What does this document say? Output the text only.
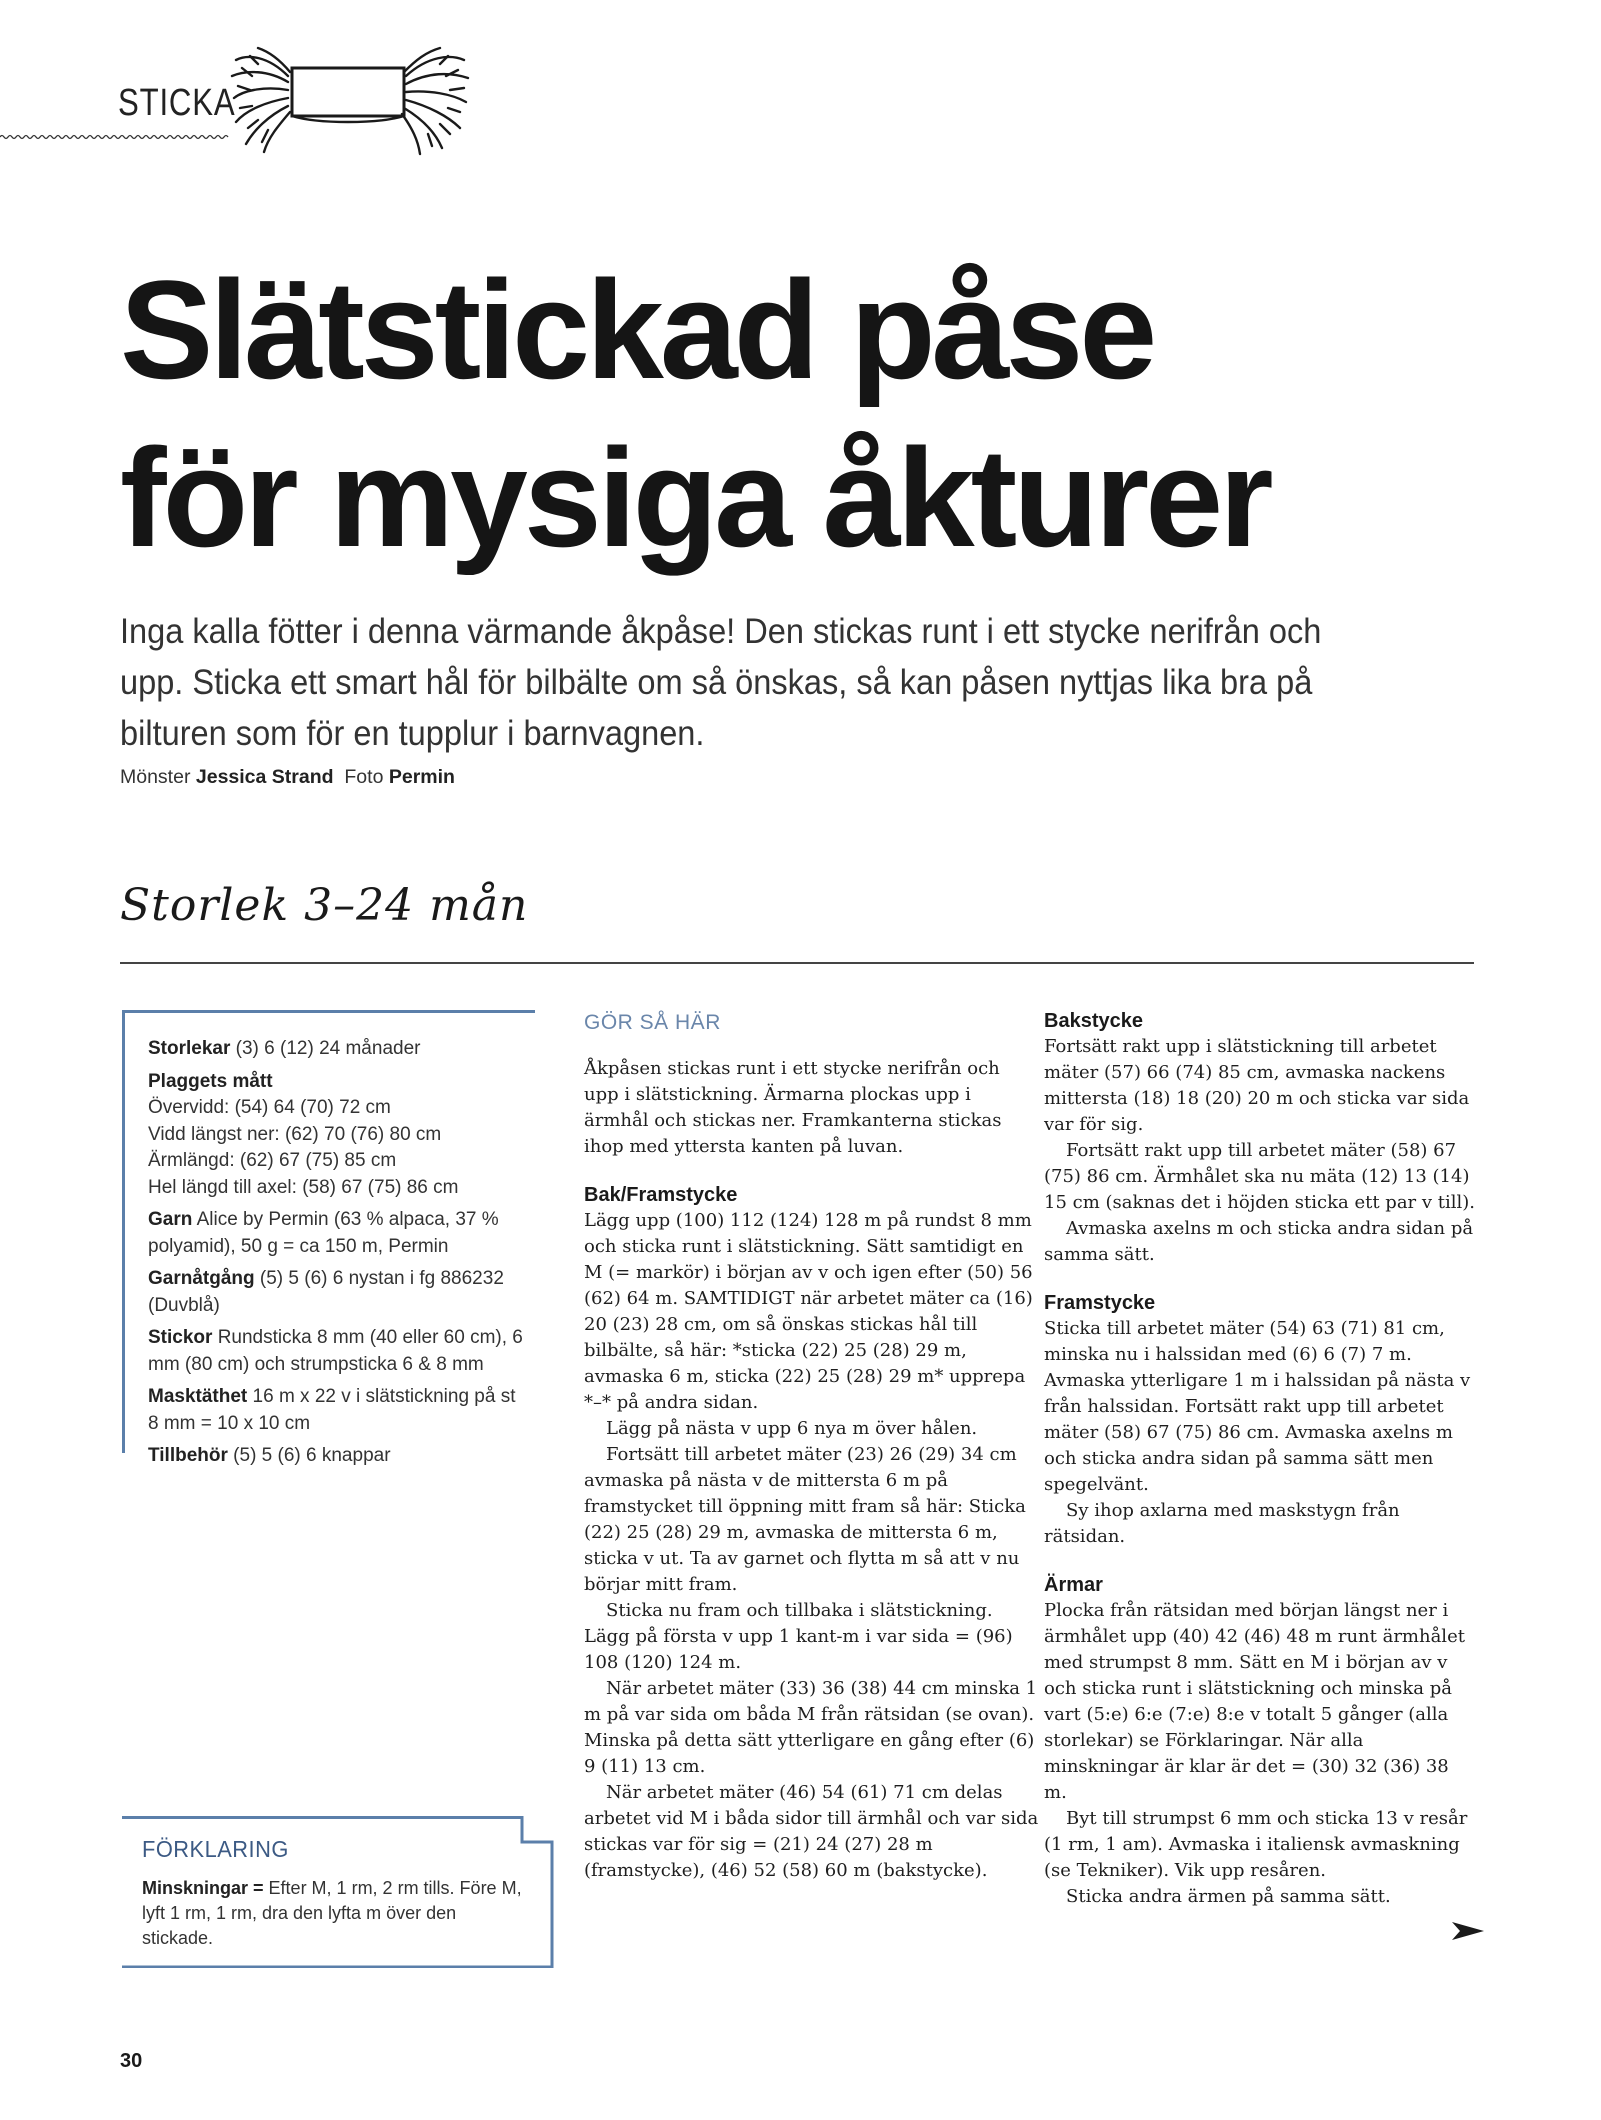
STICKA
Slätstickad påse
för mysiga åkturer

Inga kalla fötter i denna värmande åkpåse! Den stickas runt i ett stycke nerifrån och upp. Sticka ett smart hål för bilbälte om så önskas, så kan påsen nyttjas lika bra på bilturen som för en tupplur i barnvagnen.

Mönster Jessica Strand Foto Permin
Storlek 3–24 mån

Storlekar (3) 6 (12) 24 månader

Plaggets mått
Övervidd: (54) 64 (70) 72 cm
Vidd längst ner: (62) 70 (76) 80 cm
Ärmlängd: (62) 67 (75) 85 cm
Hel längd till axel: (58) 67 (75) 86 cm

Garn Alice by Permin (63 % alpaca, 37 % polyamid), 50 g = ca 150 m, Permin

Garnåtgång (5) 5 (6) 6 nystan i fg 886232 (Duvblå)

Stickor Rundsticka 8 mm (40 eller 60 cm), 6 mm (80 cm) och strumpsticka 6 & 8 mm

Masktäthet 16 m x 22 v i slätstickning på st 8 mm = 10 x 10 cm

Tillbehör (5) 5 (6) 6 knappar

FÖRKLARING
Minskningar = Efter M, 1 rm, 2 rm tills. Före M, lyft 1 rm, 1 rm, dra den lyfta m över den stickade.
GÖR SÅ HÄR

Åkpåsen stickas runt i ett stycke nerifrån och upp i slätstickning. Ärmarna plockas upp i ärmhål och stickas ner. Framkanterna stickas ihop med yttersta kanten på luvan.

Bak/Framstycke

Lägg upp (100) 112 (124) 128 m på rundst 8 mm och sticka runt i slätstickning. Sätt samtidigt en M (= markör) i början av v och igen efter (50) 56 (62) 64 m. SAMTIDIGT när arbetet mäter ca (16) 20 (23) 28 cm, om så önskas stickas hål till bilbälte, så här: *sticka (22) 25 (28) 29 m, avmaska 6 m, sticka (22) 25 (28) 29 m* upprepa *–* på andra sidan.

Lägg på nästa v upp 6 nya m över hålen.

Fortsätt till arbetet mäter (23) 26 (29) 34 cm avmaska på nästa v de mittersta 6 m på framstycket till öppning mitt fram så här: Sticka (22) 25 (28) 29 m, avmaska de mittersta 6 m, sticka v ut. Ta av garnet och flytta m så att v nu börjar mitt fram.

Sticka nu fram och tillbaka i slätstickning. Lägg på första v upp 1 kant-m i var sida = (96) 108 (120) 124 m.

När arbetet mäter (33) 36 (38) 44 cm minska 1 m på var sida om båda M från rätsidan (se ovan). Minska på detta sätt ytterligare en gång efter (6) 9 (11) 13 cm.

När arbetet mäter (46) 54 (61) 71 cm delas arbetet vid M i båda sidor till ärmhål och var sida stickas var för sig = (21) 24 (27) 28 m (framstycke), (46) 52 (58) 60 m (bakstycke).

Bakstycke

Fortsätt rakt upp i slätstickning till arbetet mäter (57) 66 (74) 85 cm, avmaska nackens mittersta (18) 18 (20) 20 m och sticka var sida var för sig.

Fortsätt rakt upp till arbetet mäter (58) 67 (75) 86 cm. Ärmhålet ska nu mäta (12) 13 (14) 15 cm (saknas det i höjden sticka ett par v till).

Avmaska axelns m och sticka andra sidan på samma sätt.

Framstycke

Sticka till arbetet mäter (54) 63 (71) 81 cm, minska nu i halssidan med (6) 6 (7) 7 m. Avmaska ytterligare 1 m i halssidan på nästa v från halssidan. Fortsätt rakt upp till arbetet mäter (58) 67 (75) 86 cm. Avmaska axelns m och sticka andra sidan på samma sätt men spegelvänt.

Sy ihop axlarna med maskstygn från rätsidan.

Ärmar

Plocka från rätsidan med början längst ner i ärmhålet upp (40) 42 (46) 48 m runt ärmhålet med strumpst 8 mm. Sätt en M i början av v och sticka runt i slätstickning och minska på vart (5:e) 6:e (7:e) 8:e v totalt 5 gånger (alla storlekar) se Förklaringar. När alla minskningar är klar är det = (30) 32 (36) 38 m.

Byt till strumpst 6 mm och sticka 13 v resår (1 rm, 1 am). Avmaska i italiensk avmaskning (se Tekniker). Vik upp resåren.

Sticka andra ärmen på samma sätt.

30
